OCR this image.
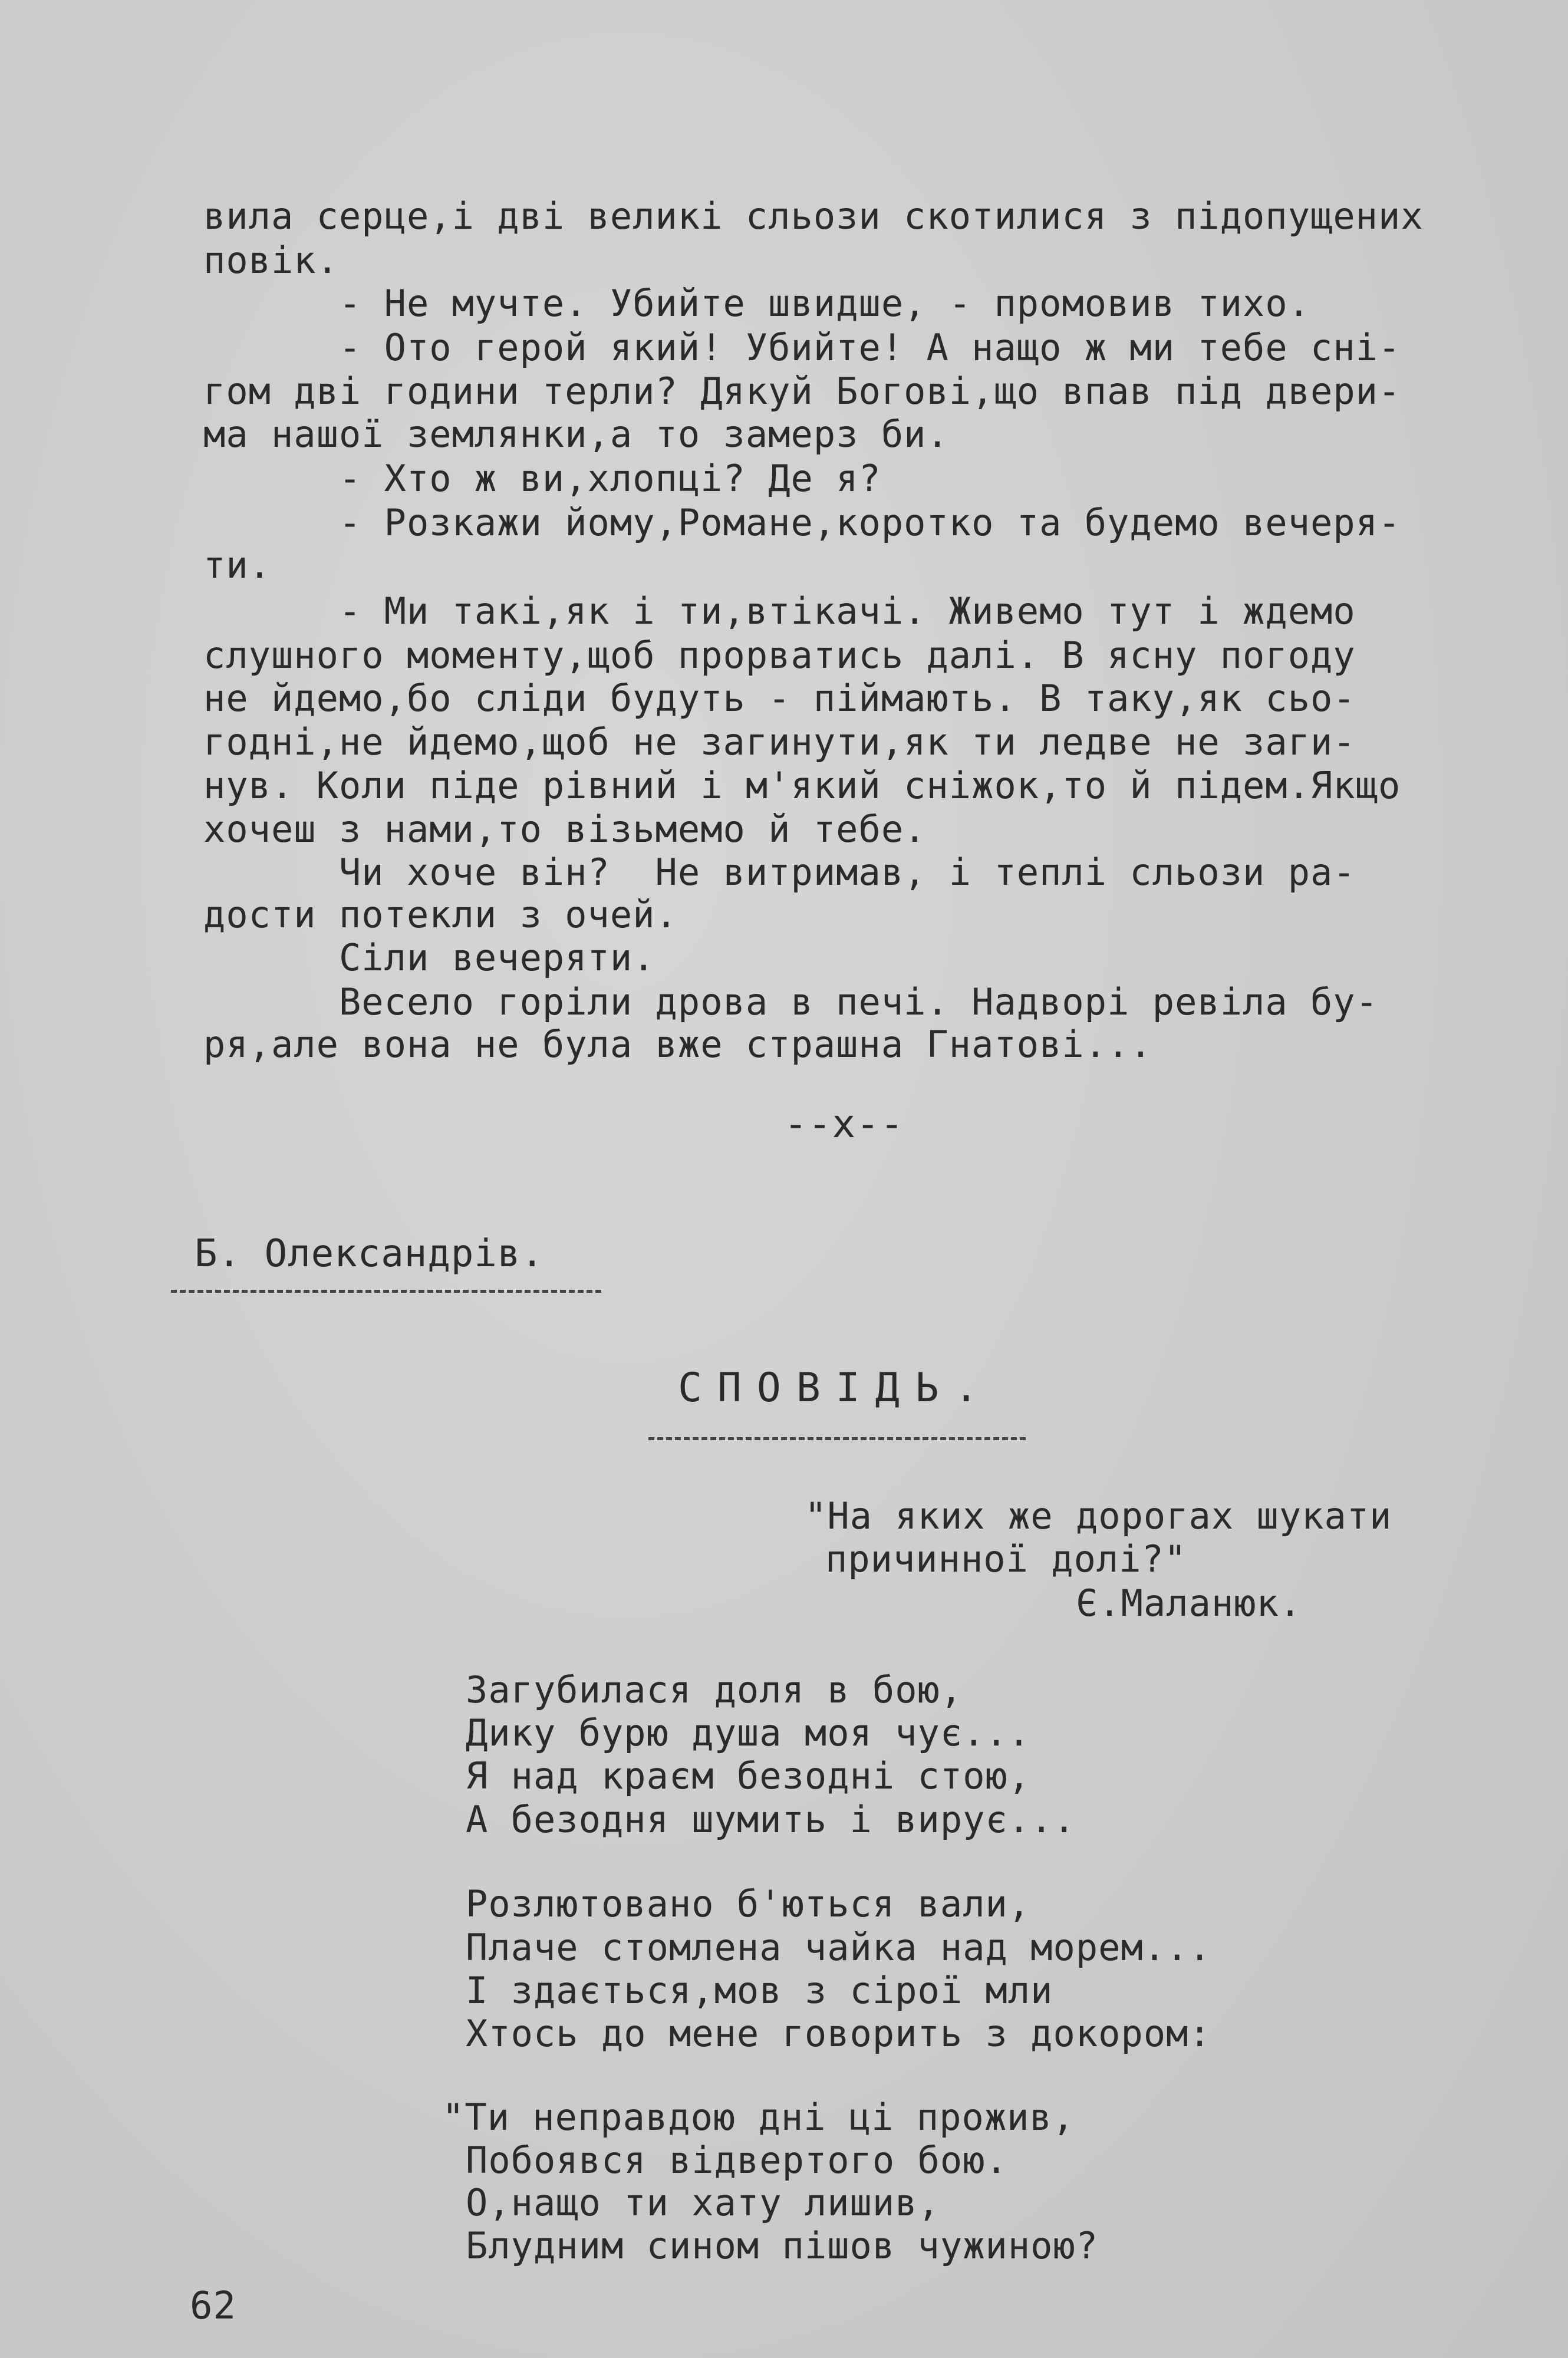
вила серце,і дві великі сльози скотилися з підопущених
повік.
- Не мучте. Убийте швидше, - промовив тихо.
- Ото герой який! Убийте! А нащо ж ми тебе сні-
гом дві години терли? Дякуй Богові,що впав під двери-
ма нашої землянки,а то замерз би.
- Хто ж ви,хлопці? Де я?
- Розкажи йому,Романе,коротко та будемо вечеря-
ти.
- Ми такі,як і ти,втікачі. Живемо тут і ждемо
слушного моменту,щоб прорватись далі. В ясну погоду
не йдемо,бо сліди будуть - піймають. В таку,як сьо-
годні,не йдемо,щоб не загинути,як ти ледве не заги-
нув. Коли піде рівний і м'який сніжок,то й підем.Якщо
хочеш з нами,то візьмемо й тебе.
Чи хоче він?  Не витримав, і теплі сльози ра-
дости потекли з очей.
Сіли вечеряти.
Весело горіли дрова в печі. Надворі ревіла бу-
ря,але вона не була вже страшна Гнатові...
--x--
Б. Олександрів.
СПОВІДЬ.
"На яких же дорогах шукати
причинної долі?"
Є.Маланюк.
Загубилася доля в бою,
Дику бурю душа моя чує...
Я над краєм безодні стою,
А безодня шумить і вирує...
Розлютовано б'ються вали,
Плаче стомлена чайка над морем...
І здається,мов з сірої мли
Хтось до мене говорить з докором:
"Ти неправдою дні ці прожив,
Побоявся відвертого бою.
О,нащо ти хату лишив,
Блудним сином пішов чужиною?
62
